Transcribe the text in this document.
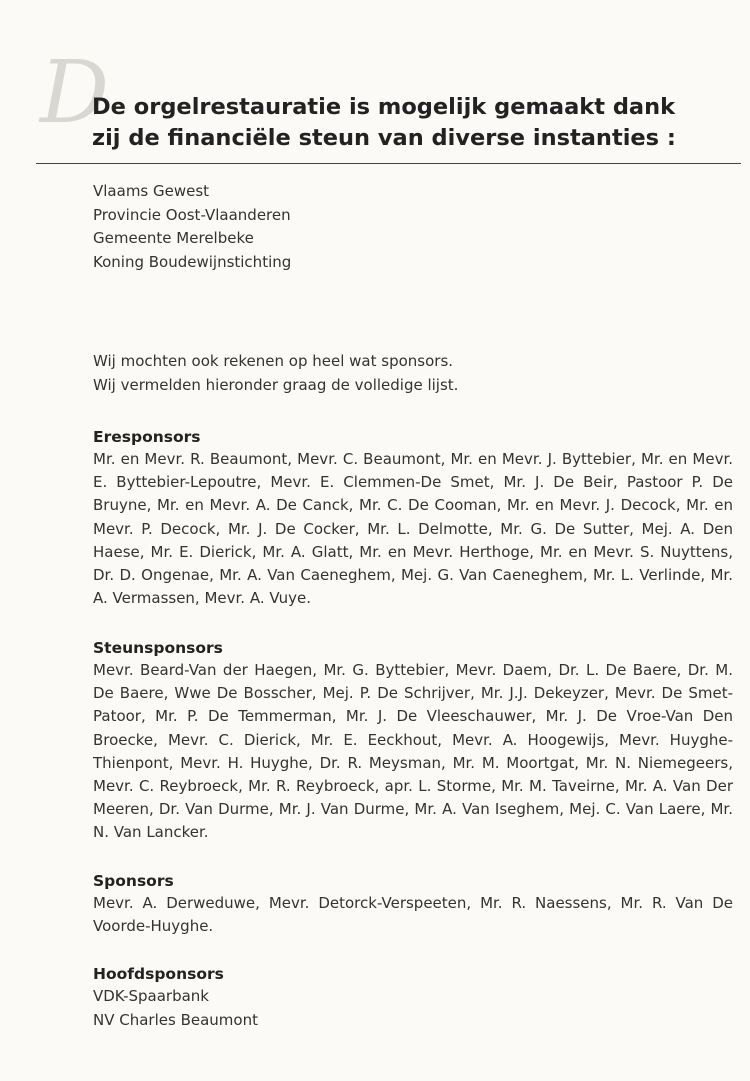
D
De orgelrestauratie is mogelijk gemaakt dank
zij de financiële steun van diverse instanties :
Vlaams Gewest
Provincie Oost-Vlaanderen
Gemeente Merelbeke
Koning Boudewijnstichting
Wij mochten ook rekenen op heel wat sponsors.
Wij vermelden hieronder graag de volledige lijst.
Eresponsors
Mr. en Mevr. R. Beaumont, Mevr. C. Beaumont, Mr. en Mevr. J. Byttebier, Mr. en Mevr. E. Byttebier-Lepoutre, Mevr. E. Clemmen-De Smet, Mr. J. De Beir, Pastoor P. De Bruyne, Mr. en Mevr. A. De Canck, Mr. C. De Cooman, Mr. en Mevr. J. Decock, Mr. en Mevr. P. Decock, Mr. J. De Cocker, Mr. L. Delmotte, Mr. G. De Sutter, Mej. A. Den Haese, Mr. E. Dierick, Mr. A. Glatt, Mr. en Mevr. Herthoge, Mr. en Mevr. S. Nuyttens, Dr. D. Ongenae, Mr. A. Van Caeneghem, Mej. G. Van Caeneghem, Mr. L. Verlinde, Mr. A. Vermassen, Mevr. A. Vuye.
Steunsponsors
Mevr. Beard-Van der Haegen, Mr. G. Byttebier, Mevr. Daem, Dr. L. De Baere, Dr. M. De Baere, Wwe De Bosscher, Mej. P. De Schrijver, Mr. J.J. Dekeyzer, Mevr. De Smet-Patoor, Mr. P. De Temmerman, Mr. J. De Vleeschauwer, Mr. J. De Vroe-Van Den Broecke, Mevr. C. Dierick, Mr. E. Eeckhout, Mevr. A. Hoogewijs, Mevr. Huyghe-Thienpont, Mevr. H. Huyghe, Dr. R. Meysman, Mr. M. Moortgat, Mr. N. Niemegeers, Mevr. C. Reybroeck, Mr. R. Reybroeck, apr. L. Storme, Mr. M. Taveirne, Mr. A. Van Der Meeren, Dr. Van Durme, Mr. J. Van Durme, Mr. A. Van Iseghem, Mej. C. Van Laere, Mr. N. Van Lancker.
Sponsors
Mevr. A. Derweduwe, Mevr. Detorck-Verspeeten, Mr. R. Naessens, Mr. R. Van De Voorde-Huyghe.
Hoofdsponsors
VDK-Spaarbank
NV Charles Beaumont
